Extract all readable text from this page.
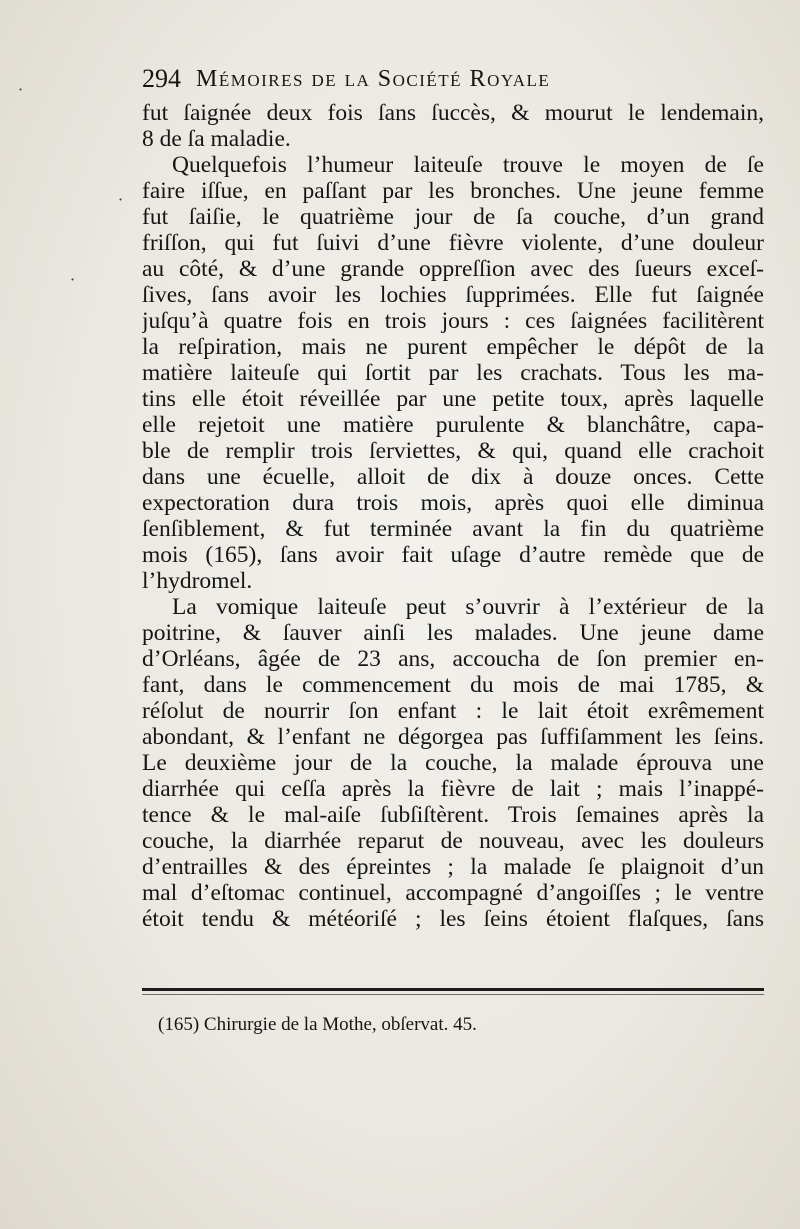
294 Mémoires de la Société Royale
fut ſaignée deux fois ſans ſuccès, & mourut le lendemain,
8 de ſa maladie.
Quelquefois l’humeur laiteuſe trouve le moyen de ſe
faire iſſue, en paſſant par les bronches. Une jeune femme
fut ſaiſie, le quatrième jour de ſa couche, d’un grand
friſſon, qui fut ſuivi d’une fièvre violente, d’une douleur
au côté, & d’une grande oppreſſion avec des ſueurs exceſ-
ſives, ſans avoir les lochies ſupprimées. Elle fut ſaignée
juſqu’à quatre fois en trois jours : ces ſaignées facilitèrent
la reſpiration, mais ne purent empêcher le dépôt de la
matière laiteuſe qui ſortit par les crachats. Tous les ma-
tins elle étoit réveillée par une petite toux, après laquelle
elle rejetoit une matière purulente & blanchâtre, capa-
ble de remplir trois ſerviettes, & qui, quand elle crachoit
dans une écuelle, alloit de dix à douze onces. Cette
expectoration dura trois mois, après quoi elle diminua
ſenſiblement, & fut terminée avant la fin du quatrième
mois (165), ſans avoir fait uſage d’autre remède que de
l’hydromel.
La vomique laiteuſe peut s’ouvrir à l’extérieur de la
poitrine, & ſauver ainſi les malades. Une jeune dame
d’Orléans, âgée de 23 ans, accoucha de ſon premier en-
fant, dans le commencement du mois de mai 1785, &
réſolut de nourrir ſon enfant : le lait étoit exrêmement
abondant, & l’enfant ne dégorgea pas ſuffiſamment les ſeins.
Le deuxième jour de la couche, la malade éprouva une
diarrhée qui ceſſa après la fièvre de lait ; mais l’inappé-
tence & le mal-aiſe ſubſiſtèrent. Trois ſemaines après la
couche, la diarrhée reparut de nouveau, avec les douleurs
d’entrailles & des épreintes ; la malade ſe plaignoit d’un
mal d’eſtomac continuel, accompagné d’angoiſſes ; le ventre
étoit tendu & météoriſé ; les ſeins étoient flaſques, ſans
(165) Chirurgie de la Mothe, obſervat. 45.
·
·
·
